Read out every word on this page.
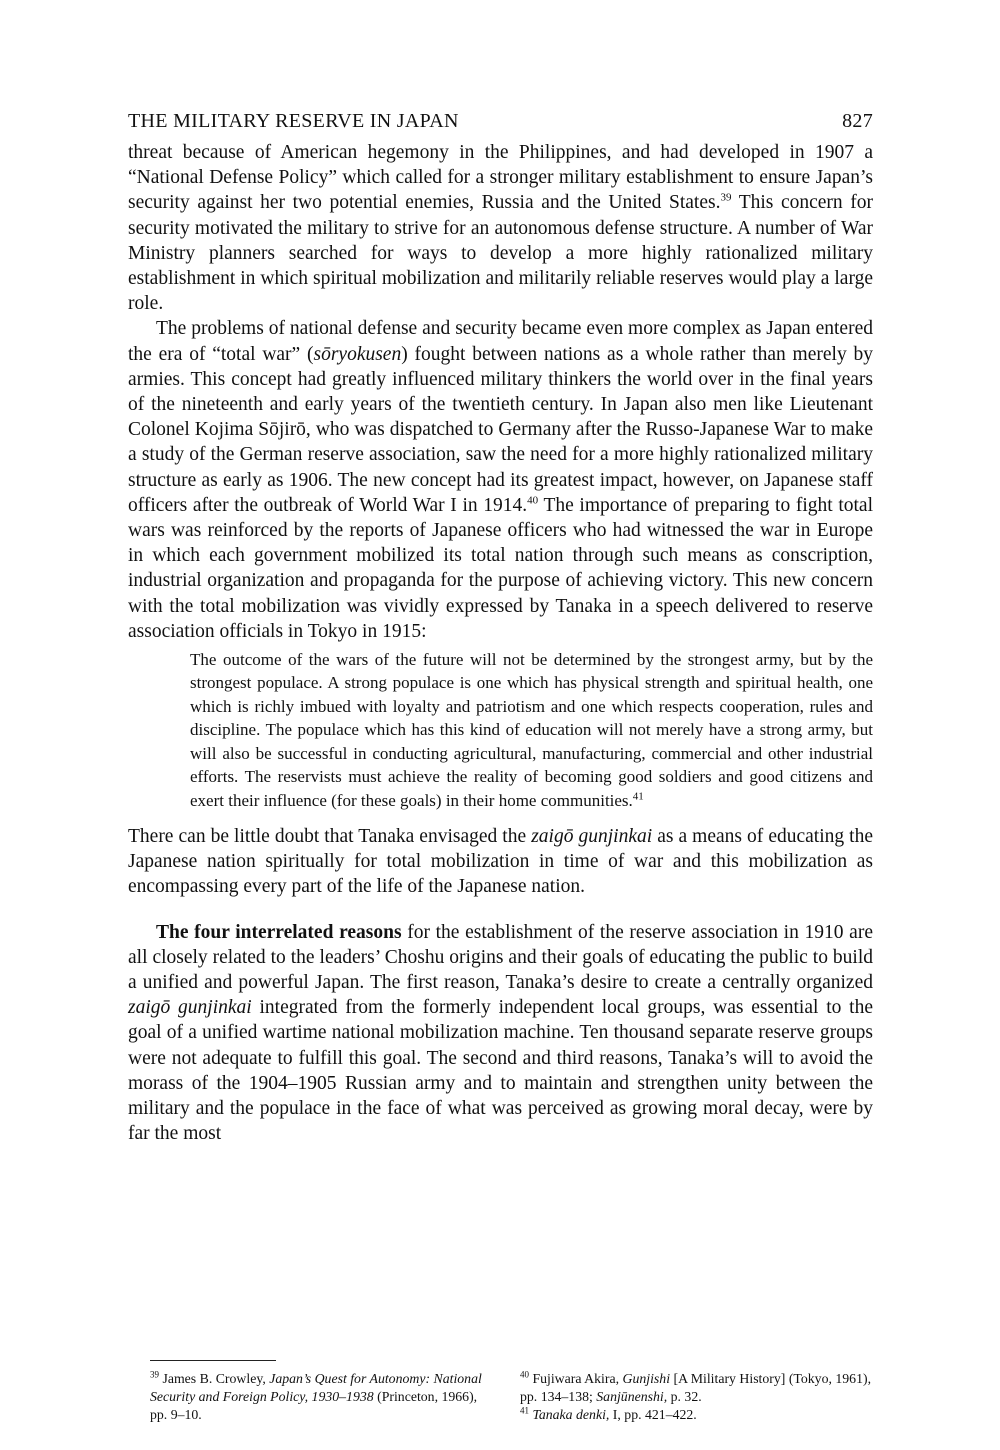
THE MILITARY RESERVE IN JAPAN	827

threat because of American hegemony in the Philippines, and had developed in 1907 a “National Defense Policy” which called for a stronger military establishment to ensure Japan’s security against her two potential enemies, Russia and the United States.$^{39}$ This concern for security motivated the military to strive for an autonomous defense structure. A number of War Ministry planners searched for ways to develop a more highly rationalized military establishment in which spiritual mobilization and militarily reliable reserves would play a large role.

The problems of national defense and security became even more complex as Japan entered the era of “total war” (sōryokusen) fought between nations as a whole rather than merely by armies. This concept had greatly influenced military thinkers the world over in the final years of the nineteenth and early years of the twentieth century. In Japan also men like Lieutenant Colonel Kojima Sōjirō, who was dispatched to Germany after the Russo-Japanese War to make a study of the German reserve association, saw the need for a more highly rationalized military structure as early as 1906. The new concept had its greatest impact, however, on Japanese staff officers after the outbreak of World War I in 1914.40 The importance of preparing to fight total wars was reinforced by the reports of Japanese officers who had witnessed the war in Europe in which each government mobilized its total nation through such means as conscription, industrial organization and propaganda for the purpose of achieving victory. This new concern with the total mobilization was vividly expressed by Tanaka in a speech delivered to reserve association officials in Tokyo in 1915:

The outcome of the wars of the future will not be determined by the strongest army, but by the strongest populace. A strong populace is one which has physical strength and spiritual health, one which is richly imbued with loyalty and patriotism and one which respects cooperation, rules and discipline. The populace which has this kind of education will not merely have a strong army, but will also be successful in conducting agricultural, manufacturing, commercial and other industrial efforts. The reservists must achieve the reality of becoming good soldiers and good citizens and exert their influence (for these goals) in their home communities.$^{41}$

There can be little doubt that Tanaka envisaged the zaigō gunjinkai as a means of educating the Japanese nation spiritually for total mobilization in time of war and this mobilization as encompassing every part of the life of the Japanese nation.

The four interrelated reasons for the establishment of the reserve association in 1910 are all closely related to the leaders’ Choshu origins and their goals of educating the public to build a unified and powerful Japan. The first reason, Tanaka’s desire to create a centrally organized zaigō gunjinkai integrated from the formerly independent local groups, was essential to the goal of a unified wartime national mobilization machine. Ten thousand separate reserve groups were not adequate to fulfill this goal. The second and third reasons, Tanaka’s will to avoid the morass of the 1904–1905 Russian army and to maintain and strengthen unity between the military and the populace in the face of what was perceived as growing moral decay, were by far the most

$^{39}$ James B. Crowley, Japan’s Quest for Autonomy: National Security and Foreign Policy, 1930–1938 (Princeton, 1966), pp. 9–10.
$^{40}$ Fujiwara Akira, Gunjishi [A Military History] (Tokyo, 1961), pp. 134–138; Sanjūnenshi, p. 32.
$^{41}$ Tanaka denki, I, pp. 421–422.
